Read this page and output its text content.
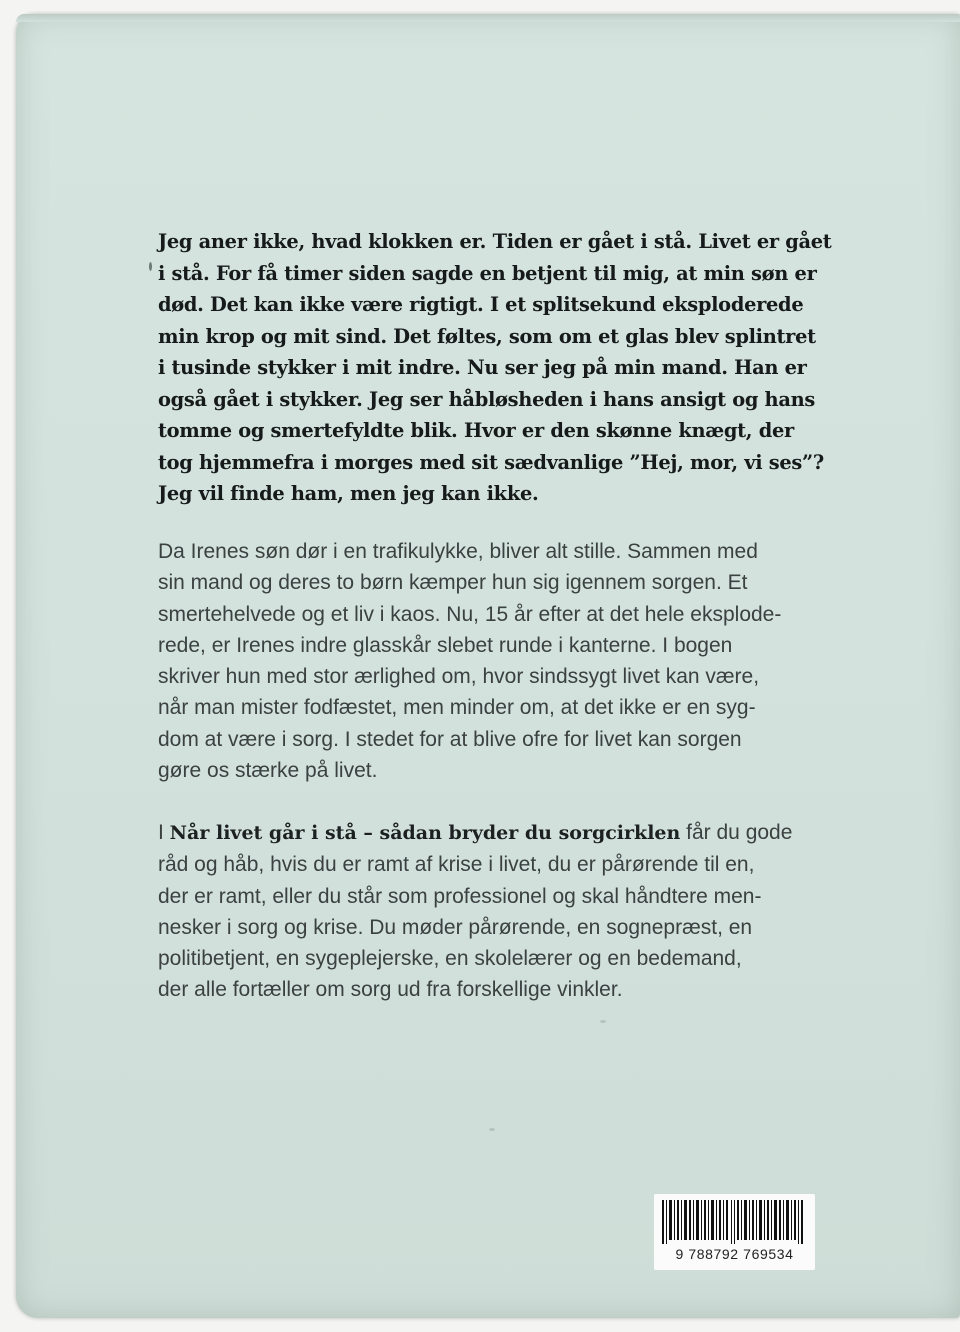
Jeg aner ikke, hvad klokken er. Tiden er gået i stå. Livet er gået
i stå. For få timer siden sagde en betjent til mig, at min søn er
død. Det kan ikke være rigtigt. I et splitsekund eksploderede
min krop og mit sind. Det føltes, som om et glas blev splintret
i tusinde stykker i mit indre. Nu ser jeg på min mand. Han er
også gået i stykker. Jeg ser håbløsheden i hans ansigt og hans
tomme og smertefyldte blik. Hvor er den skønne knægt, der
tog hjemmefra i morges med sit sædvanlige ”Hej, mor, vi ses”?
Jeg vil finde ham, men jeg kan ikke.
Da Irenes søn dør i en trafikulykke, bliver alt stille. Sammen med
sin mand og deres to børn kæmper hun sig igennem sorgen. Et
smertehelvede og et liv i kaos. Nu, 15 år efter at det hele eksplode-
rede, er Irenes indre glasskår slebet runde i kanterne. I bogen
skriver hun med stor ærlighed om, hvor sindssygt livet kan være,
når man mister fodfæstet, men minder om, at det ikke er en syg-
dom at være i sorg. I stedet for at blive ofre for livet kan sorgen
gøre os stærke på livet.
I Når livet går i stå – sådan bryder du sorgcirklen får du gode
råd og håb, hvis du er ramt af krise i livet, du er pårørende til en,
der er ramt, eller du står som professionel og skal håndtere men-
nesker i sorg og krise. Du møder pårørende, en sognepræst, en
politibetjent, en sygeplejerske, en skolelærer og en bedemand,
der alle fortæller om sorg ud fra forskellige vinkler.
9 788792 769534
